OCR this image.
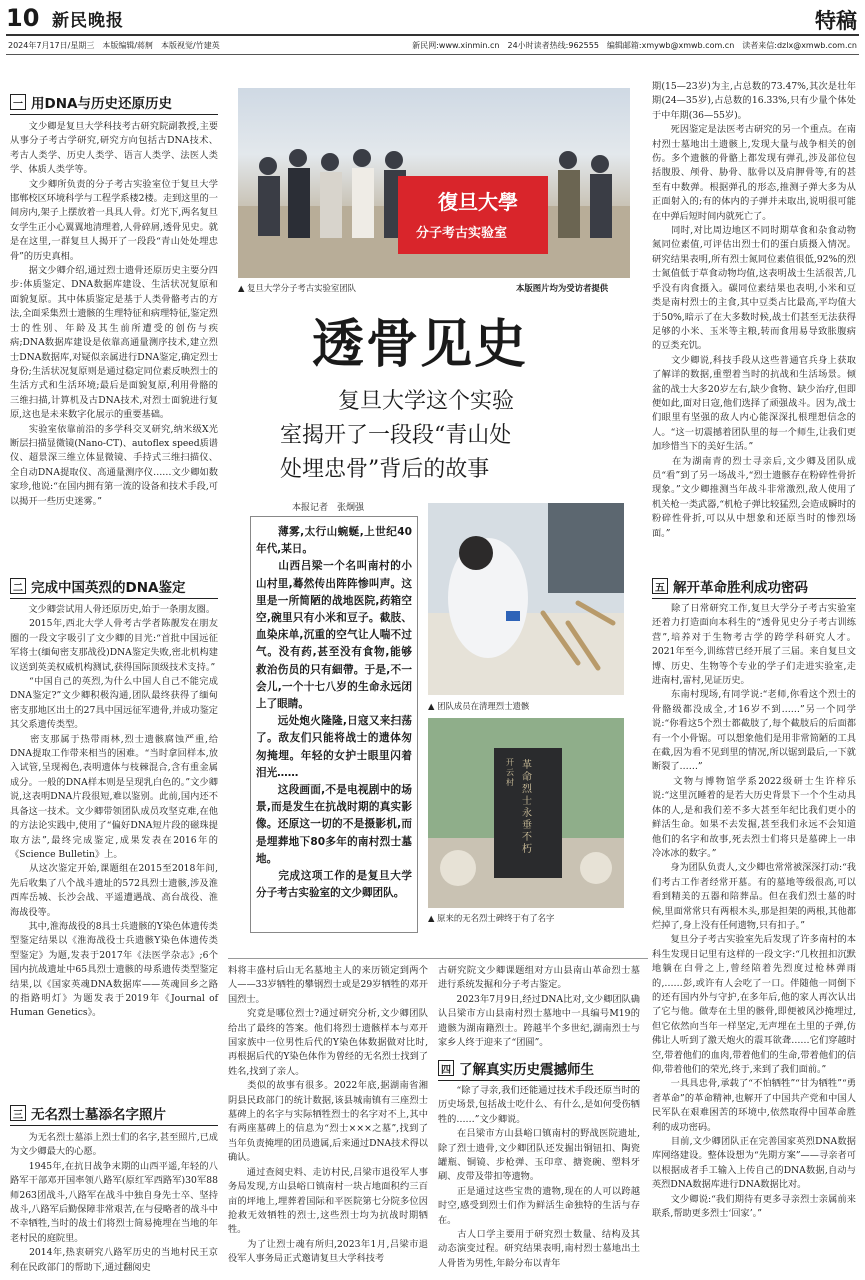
10 新民晚报	特稿
2024年7月17日/星期三　本版编辑/蒋舸　本版视觉/竹建英	新民网:www.xinmin.cn　24小时读者热线:962555　编辑邮箱:xmywb@xmwb.com.cn　读者来信:dzlx@xmwb.com.cn
一 用DNA与历史还原历史
　　文少卿是复旦大学科技考古研究院副教授,主要从事分子考古学研究,研究方向包括古DNA技术、考古人类学、历史人类学、语言人类学、法医人类学、体质人类学等。
　　文少卿所负责的分子考古实验室位于复旦大学邯郸校区环境科学与工程学系楼2楼。走到这里的一间房内,架子上摆放着一具具人骨。灯光下,两名复旦女学生正小心翼翼地清理着,人骨碎屑,透骨见史。就是在这里,一群复旦人揭开了一段段“青山处处埋忠骨”的历史真相。
　　据文少卿介绍,通过烈士遗骨还原历史主要分四步:体质鉴定、DNA数据库建设、生活状况复原和面貌复原。其中体质鉴定是基于人类骨骼考古的方法,全面采集烈士遗骸的生理特征和病理特征,鉴定烈士的性别、年龄及其生前所遭受的创伤与疾病;DNA数据库建设是依靠高通量测序技术,建立烈士DNA数据库,对疑似亲属进行DNA鉴定,确定烈士身份;生活状况复原则是通过稳定同位素反映烈士的生活方式和生活环境;最后是面貌复原,利用骨骼的三维扫描,计算机及古DNA技术,对烈士面貌进行复原,这也是未来数字化展示的重要基础。
　　实验室依靠前沿的多学科交叉研究,纳米级X光断层扫描显微镜(Nano-CT)、autoflex speed质谱仪、超景深三维立体显微镜、手持式三维扫描仪、全自动DNA提取仪、高通量测序仪……文少卿如数家珍,他说:“在国内拥有第一流的设备和技术手段,可以揭开一些历史迷雾。”
二 完成中国英烈的DNA鉴定
　　文少卿尝试用人骨还原历史,始于一条朋友圈。
　　2015年,西北大学人骨考古学者陈靓发在朋友圈的一段文字吸引了文少卿的目光:“首批中国远征军将士(缅甸密支那战役)DNA鉴定失败,密北机构建议送到英美权威机构测试,获得国际顶级技术支持。”
　　“中国自己的英烈,为什么中国人自己不能完成DNA鉴定?”文少卿积极沟通,团队最终获得了缅甸密支那地区出土的27具中国远征军遗骨,并成功鉴定其父系遗传类型。
　　密支那属于热带雨林,烈士遗骸腐蚀严重,给DNA提取工作带来相当的困难。“当时拿回样本,放入试管,呈现褐色,表明遗体与枝棘混合,含有重金属成分。一般的DNA样本则是呈现乳白色的。”文少卿说,这表明DNA片段很短,难以鉴别。此前,国内还不具备这一技术。文少卿带领团队成员攻坚克难,在他的方法论实践中,使用了“偏好DNA短片段的磁珠提取方法”,最终完成鉴定,成果发表在2016年的《Science Bulletin》上。
　　从这次鉴定开始,课题组在2015至2018年间,先后收集了八个战斗遗址的572具烈士遗骸,涉及淮西库岳城、长沙会战、平遥遭遇战、高台战役、淮海战役等。
　　其中,淮海战役的8具士兵遗骸的Y染色体遗传类型鉴定结果以《淮海战役士兵遗骸Y染色体遗传类型鉴定》为题,发表于2017年《法医学杂志》;6个国内抗战遗址中65具烈士遗骸的母系遗传类型鉴定结果,以《国家英魂DNA数据库——英魂回乡之路的指路明灯》为题发表于2019年《Journal of Human Genetics》。
三 无名烈士墓添名字照片
　　为无名烈士墓添上烈士们的名字,甚至照片,已成为文少卿最大的心愿。
　　1945年,在抗日战争末期的山西平遥,年轻的八路军干部邓开国率领八路军(原红军西路军)30军88师263团战斗,八路军在战斗中独自身先士卒、坚持战斗,八路军后勤保障非常艰苦,在与侵略者的战斗中不幸牺牲,当时的战士们将烈士简易掩埋在当地的年老村民的庭院里。
　　2014年,热衷研究八路军历史的当地村民王京利在民政部门的帮助下,通过翻阅史
復旦大學
分子考古实验室
▲ 复旦大学分子考古实验室团队	本版图片均为受访者提供
透骨见史
复旦大学这个实验
室揭开了一段段“青山处
处埋忠骨”背后的故事
本报记者　张炯强
　　薄雾,太行山蜿蜒,上世纪40年代,某日。
　　山西吕梁一个名叫南村的小山村里,蓦然传出阵阵惨叫声。这里是一所简陋的战地医院,药箱空空,碗里只有小米和豆子。截肢、血染床单,沉重的空气让人喘不过气。没有药,甚至没有食物,能够救治伤员的只有細帶。于是,不一会儿,一个十七八岁的生命永远闭上了眼睛。
　　远处炮火隆隆,日寇又来扫荡了。敌友们只能将战士的遗体匆匆掩埋。年轻的女护士眼里闪着泪光……
　　这段画面,不是电视剧中的场景,而是发生在抗战时期的真实影像。还原这一切的不是摄影机,而是埋葬地下80多年的南村烈士墓地。
　　完成这项工作的是复旦大学分子考古实验室的文少卿团队。
▲ 团队成员在清理烈士遗骸
开云村
革命烈士永垂不朽
▲ 原来的无名烈士碑终于有了名字
料将丰盛村后山无名墓地主人的来历锁定到两个人——33岁牺牲的攀钢烈士或是29岁牺牲的邓开国烈士。
　　究竟是哪位烈士?通过研究分析,文少卿团队给出了最终的答案。他们将烈士遗骸样本与邓开国家族中一位男性后代的Y染色体数据做对比时,再根据后代的Y染色体作为曾经的无名烈士找到了姓名,找到了亲人。
　　类似的故事有很多。2022年底,据湖南省湘阴县民政部门的统计数据,该县城南镇有三座烈士墓碑上的名字与实际牺牲烈士的名字对不上,其中有两座墓碑上的信息为“烈士×××之墓”,找到了当年负责掩埋的团员遗属,后来通过DNA技术得以确认。
　　通过查阅史料、走访村民,吕梁市退役军人事务局发现,方山县峪口镇南村一块占地面积约三百亩的坪地上,埋葬着国际和平医院第七分院多位因抢救无效牺牲的烈士,这些烈士均为抗战时期牺牲。
　　为了让烈士魂有所归,2023年1月,吕梁市退役军人事务局正式邀请复旦大学科技考
古研究院文少卿课题组对方山县南山革命烈士墓进行系统发掘和分子考古鉴定。
　　2023年7月9日,经过DNA比对,文少卿团队确认吕梁市方山县南村烈士墓地中一具编号M19的遗骸为湖南籍烈士。跨越半个多世纪,湖南烈士与家乡人终于迎来了“团圆”。
四 了解真实历史震撼师生
　　“除了寻亲,我们还能通过技术手段还原当时的历史场景,包括战士吃什么、有什么,是如何受伤牺牲的……”文少卿说。
　　在吕梁市方山县峪口镇南村的野战医院遗址,除了烈士遗骨,文少卿团队还发掘出铜钮扣、陶瓷罐瓶、铜镜、步枪弹、玉印章、搪瓷碗、塑料牙刷、皮带及带扣等遗物。
　　正是通过这些宝贵的遗物,现在的人可以跨越时空,感受到烈士们作为鲜活生命独特的生活与存在。
　　古人口学主要用于研究烈士数量、结构及其动态演变过程。研究结果表明,南村烈士墓地出土人骨皆为男性,年龄分布以青年
期(15—23岁)为主,占总数的73.47%,其次是壮年期(24—35岁),占总数的16.33%,只有少量个体处于中年期(36—55岁)。
　　死因鉴定是法医考古研究的另一个重点。在南村烈士墓地出土遗骸上,发现大量与战争相关的创伤。多个遗骸的骨骼上都发现有弹孔,涉及部位包括腹股、颅骨、胁骨、肱骨以及肩胛骨等,有的甚至有中数弹。根据弹孔的形态,推测子弹大多为从正面射入的;有的体内的子弹并未取出,说明很可能在中弹后短时间内就死亡了。
　　同时,对比周边地区不同时期草食和杂食动物氮同位素值,可评估出烈士们的蛋白质摄入情况。研究结果表明,所有烈士氮同位素值很低,92%的烈士氮值低于草食动物均值,这表明战士生活很苦,几乎没有肉食摄入。碳同位素结果也表明,小米和豆类是南村烈士的主食,其中豆类占比最高,平均值大于50%,暗示了在大多数时候,战士们甚至无法获得足够的小米、玉米等主粮,转而食用易导致胀腹病的豆类充饥。
　　文少卿说,科技手段从这些普通官兵身上获取了解详的数据,重塑着当时的抗战和生活场景。倾盆的战士大多20岁左右,缺少食物、缺少治疗,但即便如此,面对日寇,他们选择了顽强战斗。因为,战士们眼里有坚强的敌人内心能深深扎根理想信念的人。“这一切震撼着团队里的每一个师生,让我们更加珍惜当下的美好生活。”
　　在为湖南青的烈士寻亲后,文少卿及团队成员“看”到了另一场战斗,“烈士遗骸存在粉碎性骨折现象。”文少卿推测当年战斗非常激烈,敌人使用了机关枪一类武器,“机枪子弹比较猛烈,会造成瞬时的粉碎性骨折,可以从中想象和还原当时的惨烈场面。”
五 解开革命胜利成功密码
　　除了日常研究工作,复旦大学分子考古实验室还着力打造面向本科生的“透骨见史分子考古训练营”,培养对于生物考古学的跨学科研究人才。2021年至今,训练营已经开展了三届。来自复旦文博、历史、生物等个专业的学子们走进实验室,走进南村,雷村,见证历史。
　　东南村现场,有同学说:“老师,你看这个烈士的骨骼级都没成全,才16岁不到……”另一个同学说:“你看这5个烈士都截肢了,每个截肢后的后面都有一个小骨锯。可以想象他们是用非常简陋的工具在截,因为看不见到里的情况,所以锯到最后,一下就断裂了……”
　　文物与博物馆学系2022级研士生许梓乐说:“这里沉睡着的是若大历史背景下一个个生动具体的人,是和我们差不多大甚至年纪比我们更小的鲜活生命。如果不去发掘,甚至我们永远不会知道他们的名字和故事,死去烈士们将只是墓碑上一串冷冰冰的数字。”
　　身为团队负责人,文少卿也常常被深深打动:“我们考古工作者经常开墓。有的墓地等级很高,可以看到精美的五器和陪葬品。但在我们烈士墓的时候,里面常常只有两根木头,那是担架的两根,其他都烂掉了,身上没有任何遗物,只有扣子。”
　　复旦分子考古实验室先后发现了许多南村的本科生发现日记里有这样的一段文字:“几枚扭扣沉默地躺在白骨之上,曾经陪着先烈度过枪林弹雨的,……彭,或许有人会吃了一口。伴随他一同倒下的还有国内外与守护,在多年后,他的家人再次认出了它与他。做寿在土里的骸骨,即便被风沙掩埋过,但它依然向当年一样坚定,无声埋在土里的子弹,仿佛让人听到了激天炮火的震耳欲聋……它们穿越时空,带着他们的血肉,带着他们的生命,带着他们的信仰,带着他们的荣光,终于,来到了我们面前。”
　　一具具忠骨,承载了“不怕牺牲”“甘为牺牲”“勇者革命”的革命精神,也解开了中国共产党和中国人民军队在艰难困苦的环境中,依然取得中国革命胜利的成功密码。
　　目前,文少卿团队正在完善国家英烈DNA数据库网络建设。整体设想为“先期方案”——寻亲者可以根据成者手工输入上传自己的DNA数据,自动与英烈DNA数据库进行DNA数据比对。
　　文少卿说:“我们期待有更多寻亲烈士亲属前来联系,帮助更多烈士‘回家’。”
